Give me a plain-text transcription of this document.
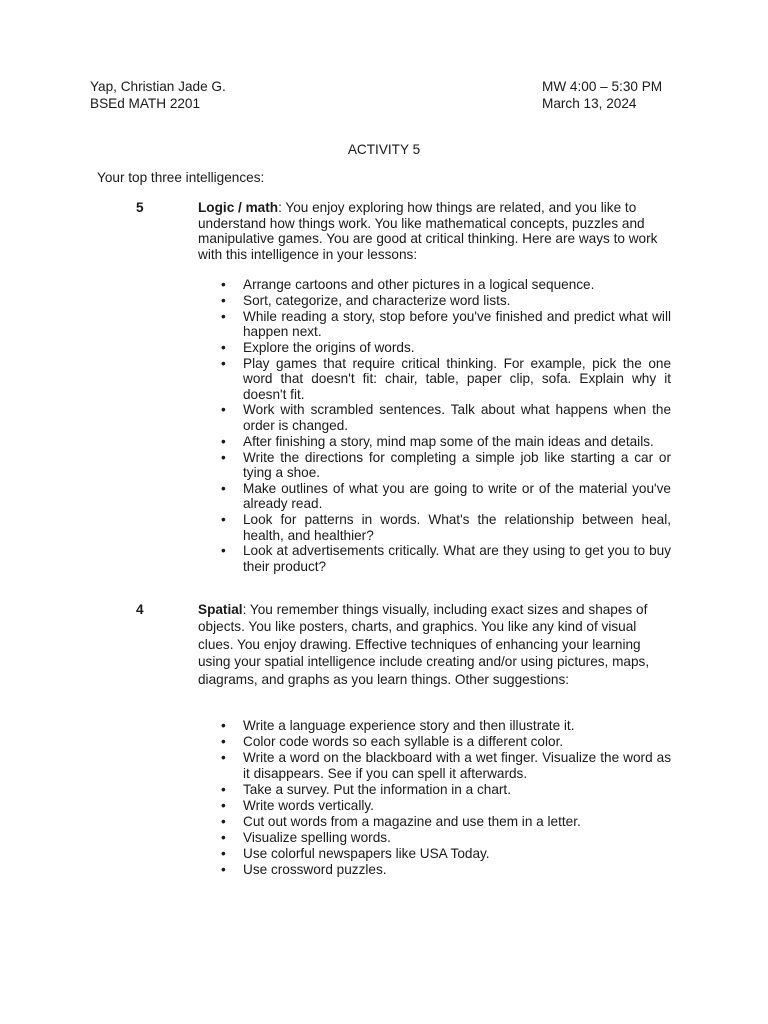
Yap, Christian Jade G.
BSEd MATH 2201
MW 4:00 – 5:30 PM
March 13, 2024
ACTIVITY 5
Your top three intelligences:
5	Logic / math: You enjoy exploring how things are related, and you like to understand how things work. You like mathematical concepts, puzzles and manipulative games. You are good at critical thinking. Here are ways to work with this intelligence in your lessons:

• Arrange cartoons and other pictures in a logical sequence.
• Sort, categorize, and characterize word lists.
• While reading a story, stop before you've finished and predict what will happen next.
• Explore the origins of words.
• Play games that require critical thinking. For example, pick the one word that doesn't fit: chair, table, paper clip, sofa. Explain why it doesn't fit.
• Work with scrambled sentences. Talk about what happens when the order is changed.
• After finishing a story, mind map some of the main ideas and details.
• Write the directions for completing a simple job like starting a car or tying a shoe.
• Make outlines of what you are going to write or of the material you've already read.
• Look for patterns in words. What's the relationship between heal, health, and healthier?
• Look at advertisements critically. What are they using to get you to buy their product?
4	Spatial: You remember things visually, including exact sizes and shapes of objects. You like posters, charts, and graphics. You like any kind of visual clues. You enjoy drawing. Effective techniques of enhancing your learning using your spatial intelligence include creating and/or using pictures, maps, diagrams, and graphs as you learn things. Other suggestions:

• Write a language experience story and then illustrate it.
• Color code words so each syllable is a different color.
• Write a word on the blackboard with a wet finger. Visualize the word as it disappears. See if you can spell it afterwards.
• Take a survey. Put the information in a chart.
• Write words vertically.
• Cut out words from a magazine and use them in a letter.
• Visualize spelling words.
• Use colorful newspapers like USA Today.
• Use crossword puzzles.
